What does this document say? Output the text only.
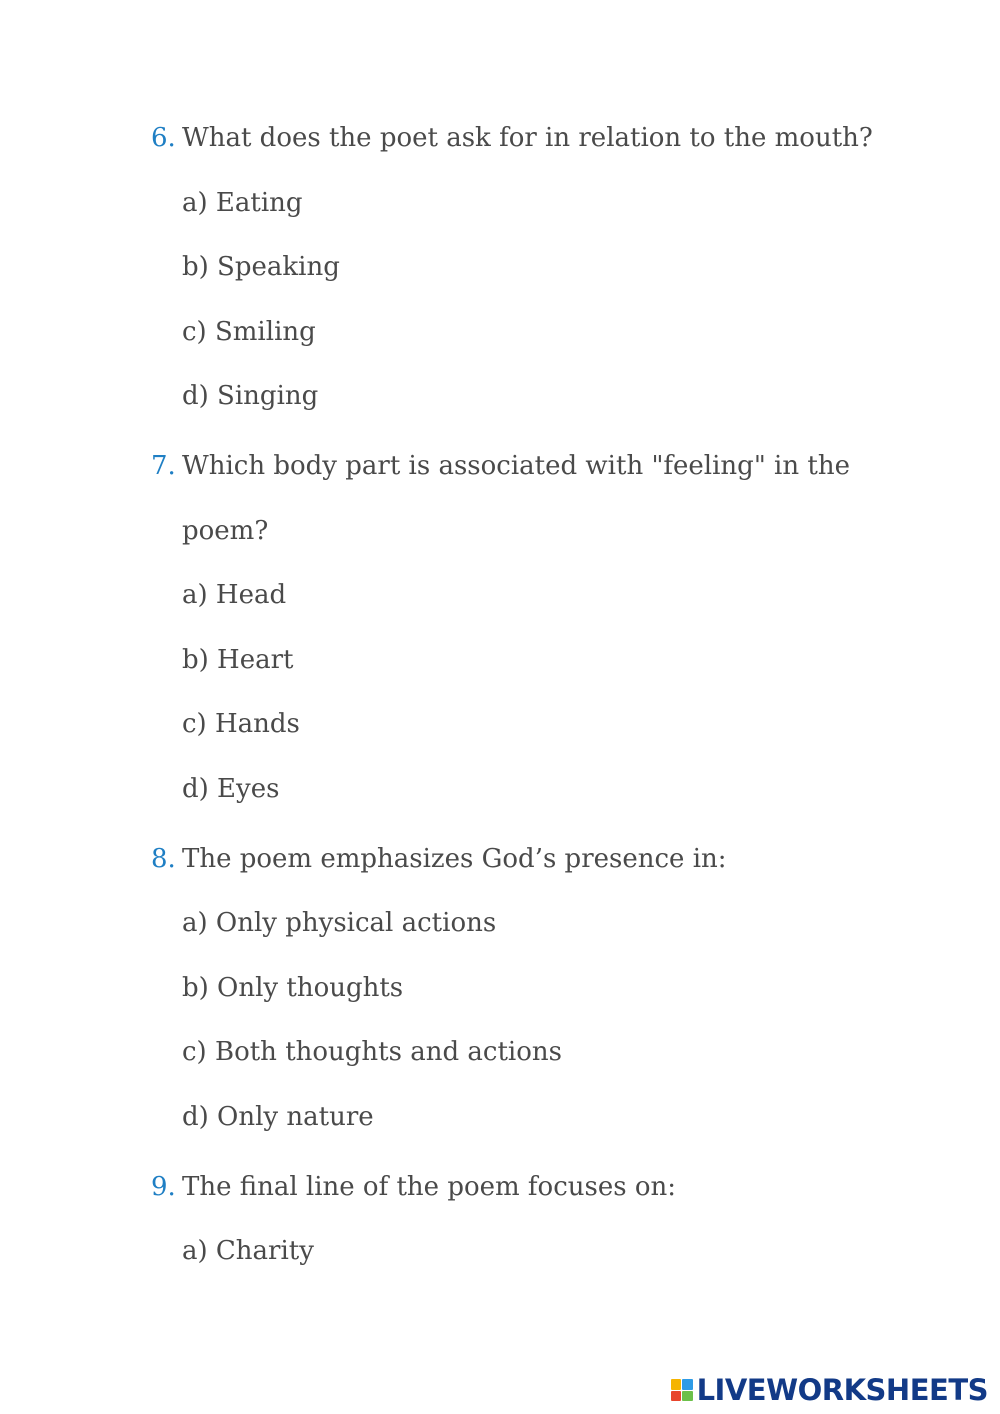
6. What does the poet ask for in relation to the mouth?
a) Eating
b) Speaking
c) Smiling
d) Singing
7. Which body part is associated with "feeling" in the
poem?
a) Head
b) Heart
c) Hands
d) Eyes
8. The poem emphasizes God’s presence in:
a) Only physical actions
b) Only thoughts
c) Both thoughts and actions
d) Only nature
9. The final line of the poem focuses on:
a) Charity
LIVEWORKSHEETS
